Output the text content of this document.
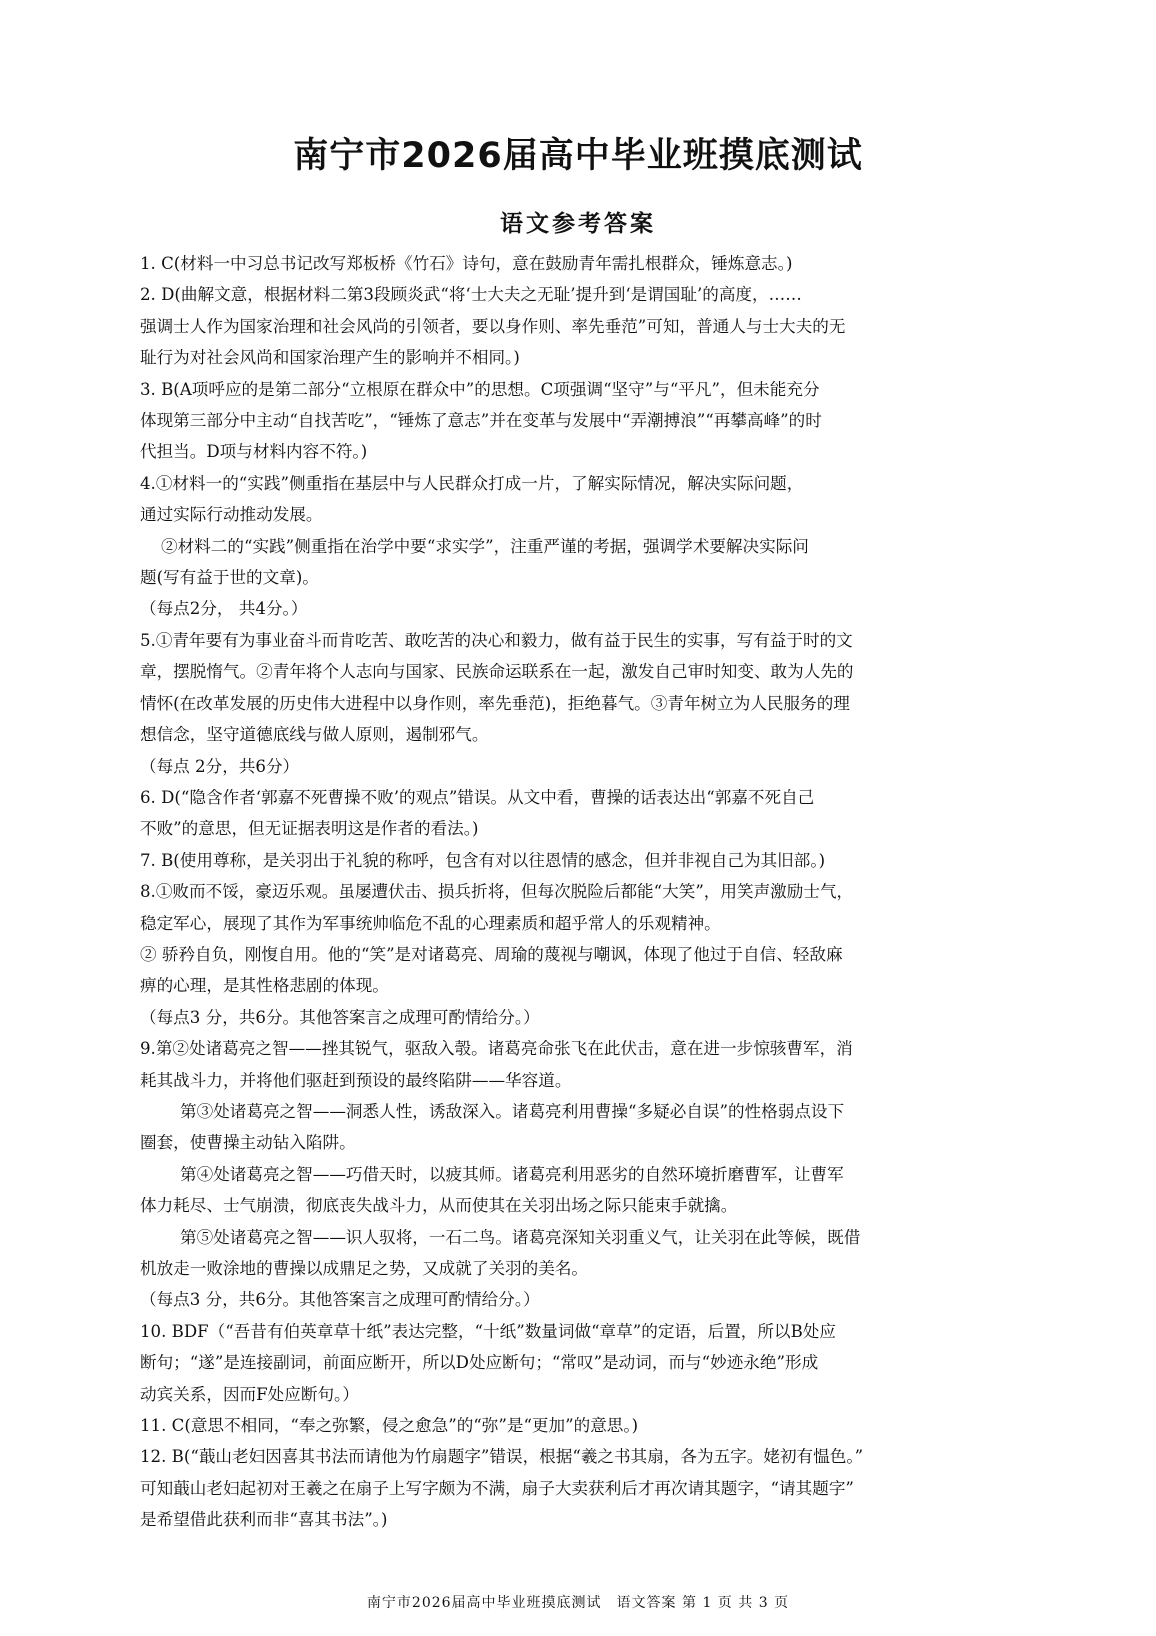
南宁市2026届高中毕业班摸底测试
语文参考答案

1. C(材料一中习总书记改写郑板桥《竹石》诗句，意在鼓励青年需扎根群众，锤炼意志。)

2. D(曲解文意，根据材料二第3段顾炎武“将‘士大夫之无耻’提升到‘是谓国耻’的高度，……

强调士人作为国家治理和社会风尚的引领者，要以身作则、率先垂范”可知，普通人与士大夫的无

耻行为对社会风尚和国家治理产生的影响并不相同。)

3. B(A项呼应的是第二部分“立根原在群众中”的思想。C项强调“坚守”与“平凡”，但未能充分

体现第三部分中主动“自找苦吃”，“锤炼了意志”并在变革与发展中“弄潮搏浪”“再攀高峰”的时

代担当。D项与材料内容不符。)

4.①材料一的“实践”侧重指在基层中与人民群众打成一片，了解实际情况，解决实际问题，

通过实际行动推动发展。

②材料二的“实践”侧重指在治学中要“求实学”，注重严谨的考据，强调学术要解决实际问

题(写有益于世的文章)。

（每点2分， 共4分。）

5.①青年要有为事业奋斗而肯吃苦、敢吃苦的决心和毅力，做有益于民生的实事，写有益于时的文

章，摆脱惰气。②青年将个人志向与国家、民族命运联系在一起，激发自己审时知变、敢为人先的

情怀(在改革发展的历史伟大进程中以身作则，率先垂范)，拒绝暮气。③青年树立为人民服务的理

想信念，坚守道德底线与做人原则，遏制邪气。

（每点 2分，共6分）

6. D(“隐含作者‘郭嘉不死曹操不败’的观点”错误。从文中看，曹操的话表达出“郭嘉不死自己

不败”的意思，但无证据表明这是作者的看法。)

7. B(使用尊称，是关羽出于礼貌的称呼，包含有对以往恩情的感念，但并非视自己为其旧部。)

8.①败而不馁，豪迈乐观。虽屡遭伏击、损兵折将，但每次脱险后都能“大笑”，用笑声激励士气，

稳定军心，展现了其作为军事统帅临危不乱的心理素质和超乎常人的乐观精神。

② 骄矜自负，刚愎自用。他的“笑”是对诸葛亮、周瑜的蔑视与嘲讽，体现了他过于自信、轻敌麻

痹的心理，是其性格悲剧的体现。

（每点3 分，共6分。其他答案言之成理可酌情给分。）

9.第②处诸葛亮之智——挫其锐气，驱敌入彀。诸葛亮命张飞在此伏击，意在进一步惊骇曹军，消

耗其战斗力，并将他们驱赶到预设的最终陷阱——华容道。

第③处诸葛亮之智——洞悉人性，诱敌深入。诸葛亮利用曹操“多疑必自误”的性格弱点设下

圈套，使曹操主动钻入陷阱。

第④处诸葛亮之智——巧借天时，以疲其师。诸葛亮利用恶劣的自然环境折磨曹军，让曹军

体力耗尽、士气崩溃，彻底丧失战斗力，从而使其在关羽出场之际只能束手就擒。

第⑤处诸葛亮之智——识人驭将，一石二鸟。诸葛亮深知关羽重义气，让关羽在此等候，既借

机放走一败涂地的曹操以成鼎足之势，又成就了关羽的美名。

（每点3 分，共6分。其他答案言之成理可酌情给分。）

10. BDF（“吾昔有伯英章草十纸”表达完整，“十纸”数量词做“章草”的定语，后置，所以B处应

断句；“遂”是连接副词，前面应断开，所以D处应断句；“常叹”是动词，而与“妙迹永绝”形成

动宾关系，因而F处应断句。）

11. C(意思不相同，“奉之弥繁，侵之愈急”的“弥”是“更加”的意思。)

12. B(“蕺山老妇因喜其书法而请他为竹扇题字”错误，根据“羲之书其扇，各为五字。姥初有愠色。”

可知蕺山老妇起初对王羲之在扇子上写字颇为不满，扇子大卖获利后才再次请其题字，“请其题字”

是希望借此获利而非“喜其书法”。)

南宁市2026届高中毕业班摸底测试　语文答案 第 1 页 共 3 页
